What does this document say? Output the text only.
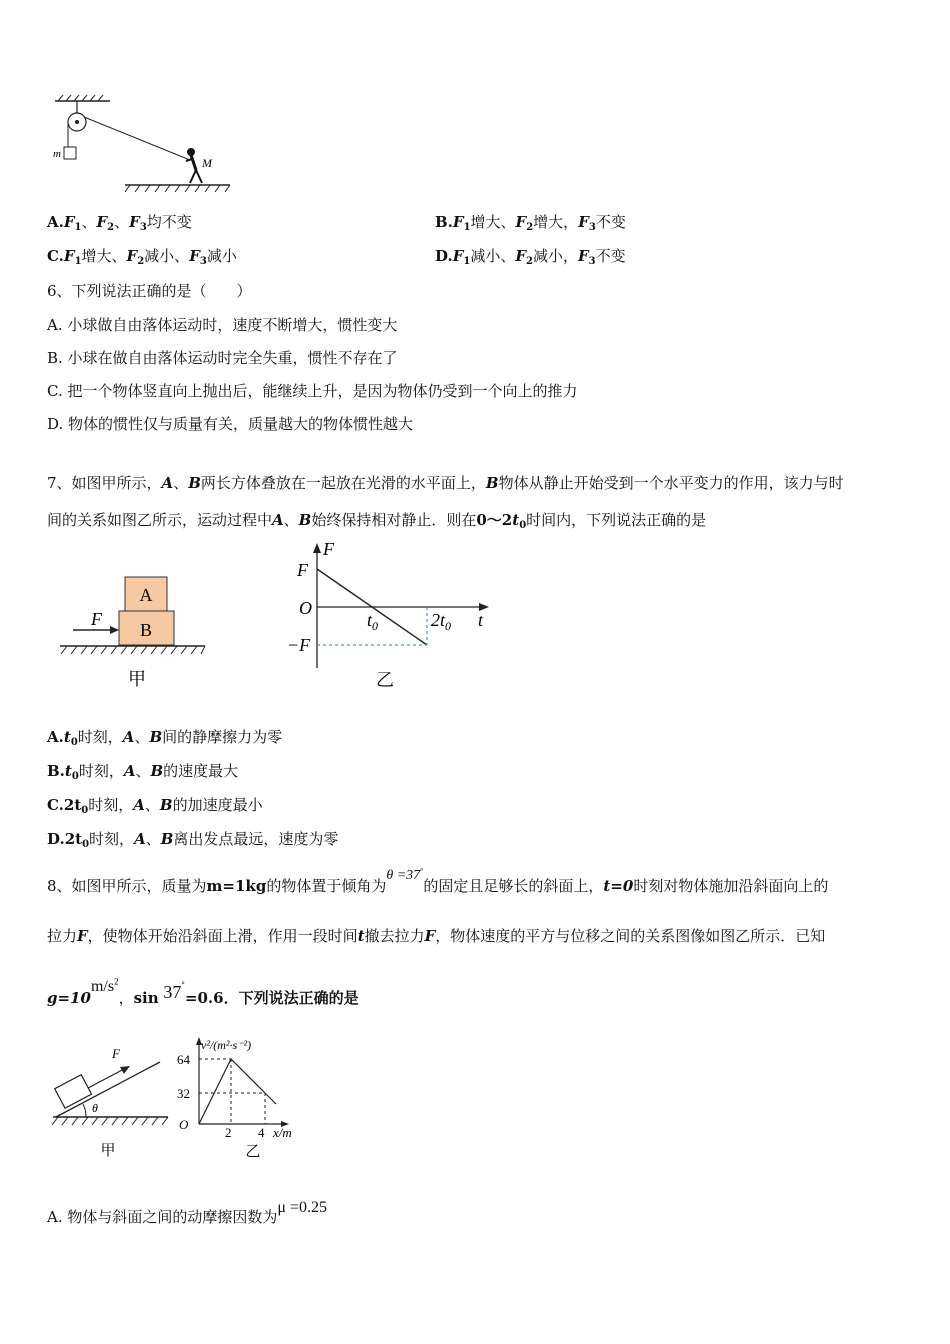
m
M
$A.F_1$、$F_2$、$F_3$均不变	$B.F_1$增大、$F_2$增大，$F_3$不变
$C.F_1$增大、$F_2$减小、$F_3$减小	$D.F_1$减小、$F_2$减小，$F_3$不变
6、下列说法正确的是（　　）
A. 小球做自由落体运动时，速度不断增大，惯性变大
B. 小球在做自由落体运动时完全失重，惯性不存在了
C. 把一个物体竖直向上抛出后，能继续上升，是因为物体仍受到一个向上的推力
D. 物体的惯性仅与质量有关，质量越大的物体惯性越大
7、如图甲所示，A、B两长方体叠放在一起放在光滑的水平面上，B物体从静止开始受到一个水平变力的作用，该力与时
间的关系如图乙所示，运动过程中A、B始终保持相对静止．则在$0\sim 2t_0$时间内，下列说法正确的是
A
B
F
甲
F
t
F
O
−F
$t_0$	$2t_0$
乙
$A.t_0$时刻，A、B间的静摩擦力为零
$B.t_0$时刻，A、B的速度最大
$C.2t_0$时刻，A、B的加速度最小
$D.2t_0$时刻，A、B离出发点最远，速度为零
8、如图甲所示，质量为m=1kg的物体置于倾角为θ =37°的固定且足够长的斜面上，t=0时刻对物体施加沿斜面向上的
拉力F，使物体开始沿斜面上滑，作用一段时间t撤去拉力F，物体速度的平方与位移之间的关系图像如图乙所示．已知
$g=10m/s^2$，sin 37°=0.6．下列说法正确的是
F
θ
甲
v²/(m²·s⁻²)
64
32
O
2 4 x/m
乙
A. 物体与斜面之间的动摩擦因数为μ =0.25
